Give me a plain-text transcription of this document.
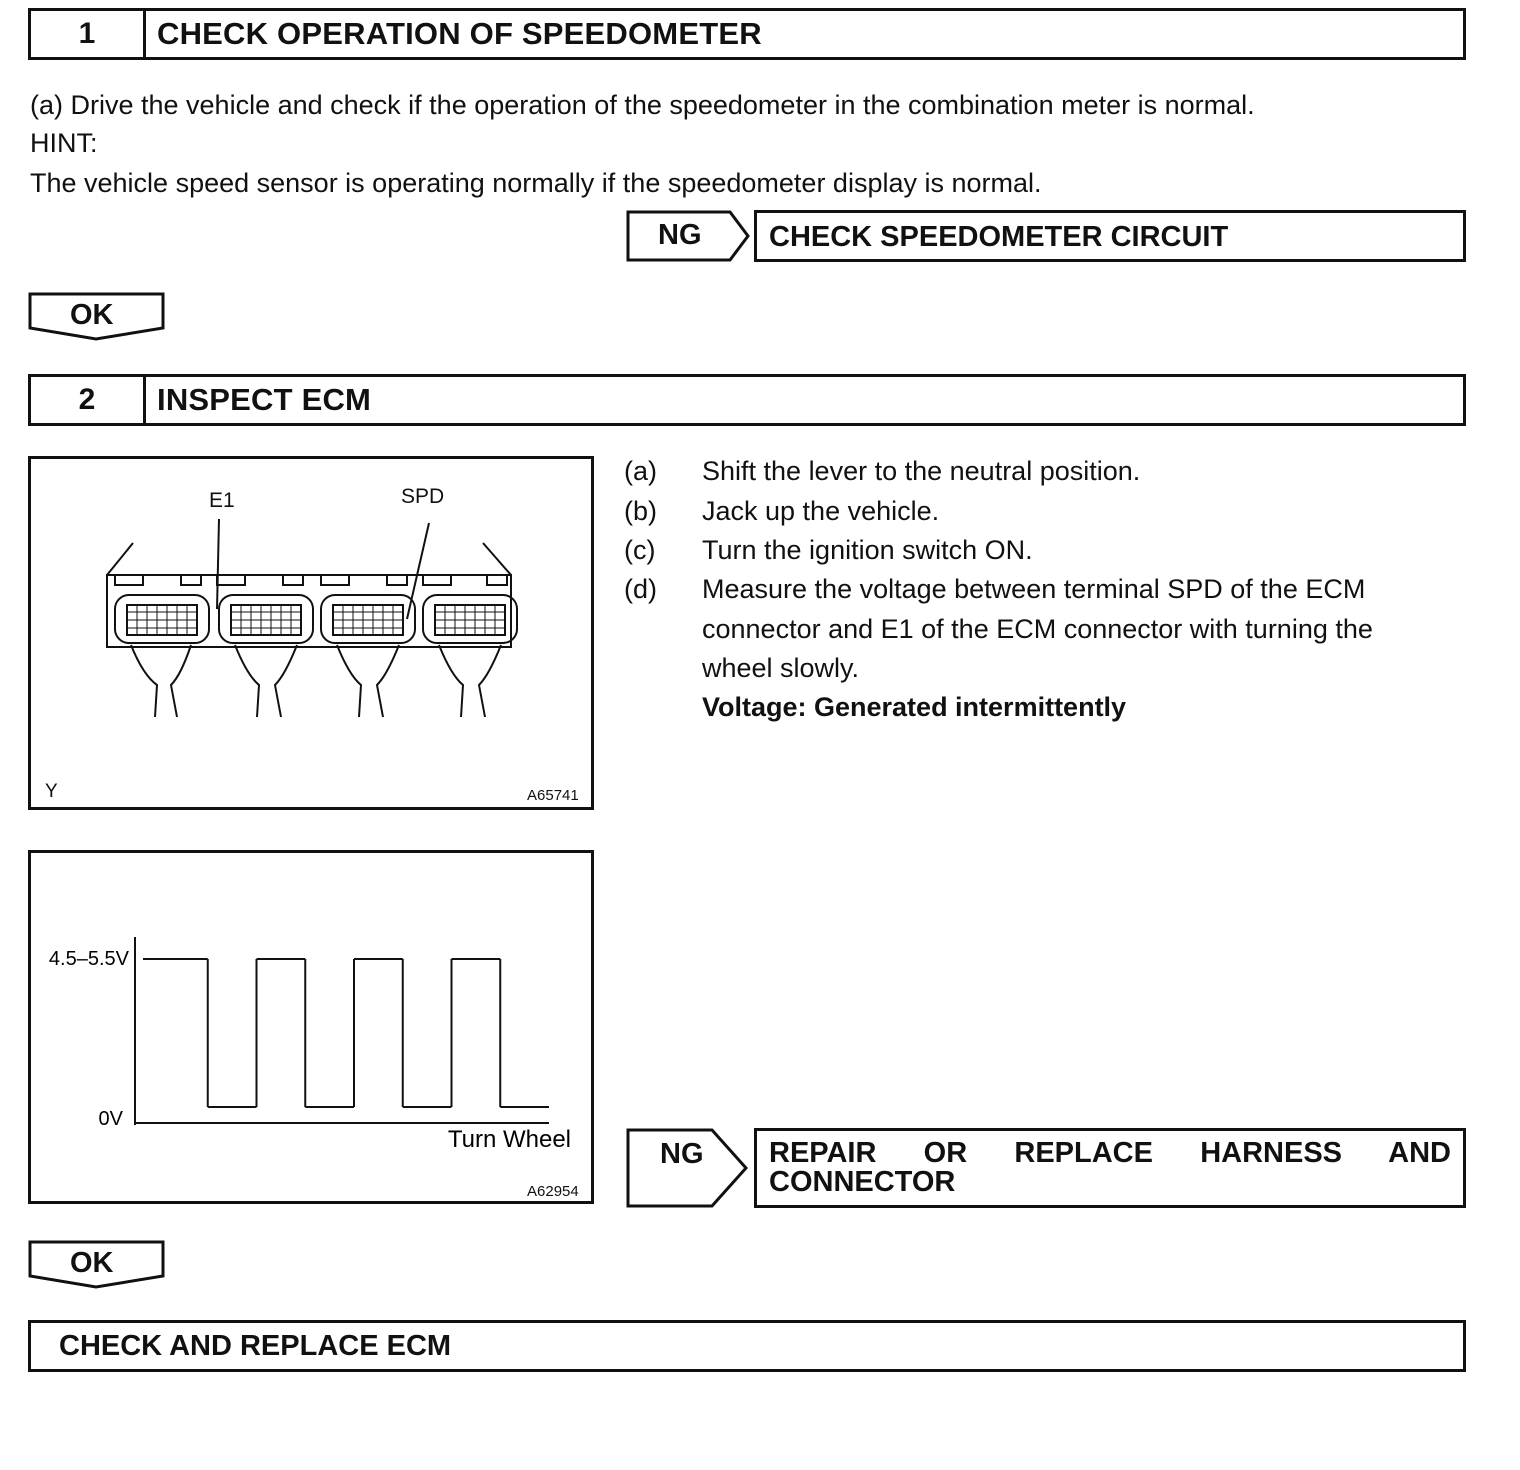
1	CHECK OPERATION OF SPEEDOMETER
(a) Drive the vehicle and check if the operation of the speedometer in the combination meter is normal.
HINT:
The vehicle speed sensor is operating normally if the speedometer display is normal.
NG CHECK SPEEDOMETER CIRCUIT
OK
2	INSPECT ECM
E1	SPD
Y	A65741
(a) Shift the lever to the neutral position.
(b) Jack up the vehicle.
(c) Turn the ignition switch ON.
(d) Measure the voltage between terminal SPD of the ECM
connector and E1 of the ECM connector with turning the
wheel slowly.
Voltage: Generated intermittently
4.5–5.5V
0V
Turn Wheel
A62954
NG REPAIR OR REPLACE HARNESS AND
CONNECTOR
OK
CHECK AND REPLACE ECM
